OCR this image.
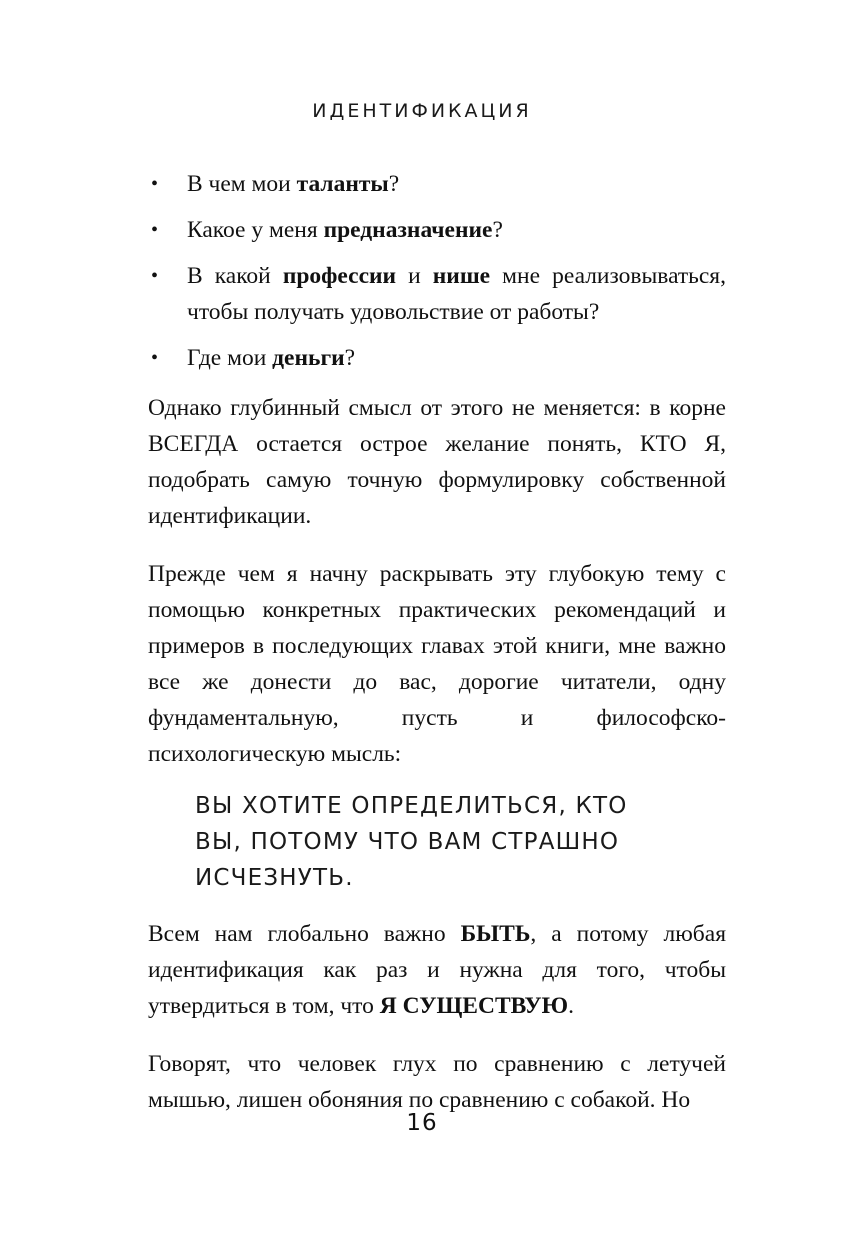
ИДЕНТИФИКАЦИЯ
• В чем мои таланты?
• Какое у меня предназначение?
• В какой профессии и нише мне реализовываться, чтобы получать удовольствие от работы?
• Где мои деньги?

Однако глубинный смысл от этого не меняется: в корне ВСЕГДА остается острое желание понять, КТО Я, подобрать самую точную формулировку собственной идентификации.

Прежде чем я начну раскрывать эту глубокую тему с помощью конкретных практических рекомендаций и примеров в последующих главах этой книги, мне важно все же донести до вас, дорогие читатели, одну фундаментальную, пусть и философско-психологическую мысль:

ВЫ ХОТИТЕ ОПРЕДЕЛИТЬСЯ, КТО
ВЫ, ПОТОМУ ЧТО ВАМ СТРАШНО
ИСЧЕЗНУТЬ.

Всем нам глобально важно БЫТЬ, а потому любая идентификация как раз и нужна для того, чтобы утвердиться в том, что Я СУЩЕСТВУЮ.

Говорят, что человек глух по сравнению с летучей мышью, лишен обоняния по сравнению с собакой. Но

16
